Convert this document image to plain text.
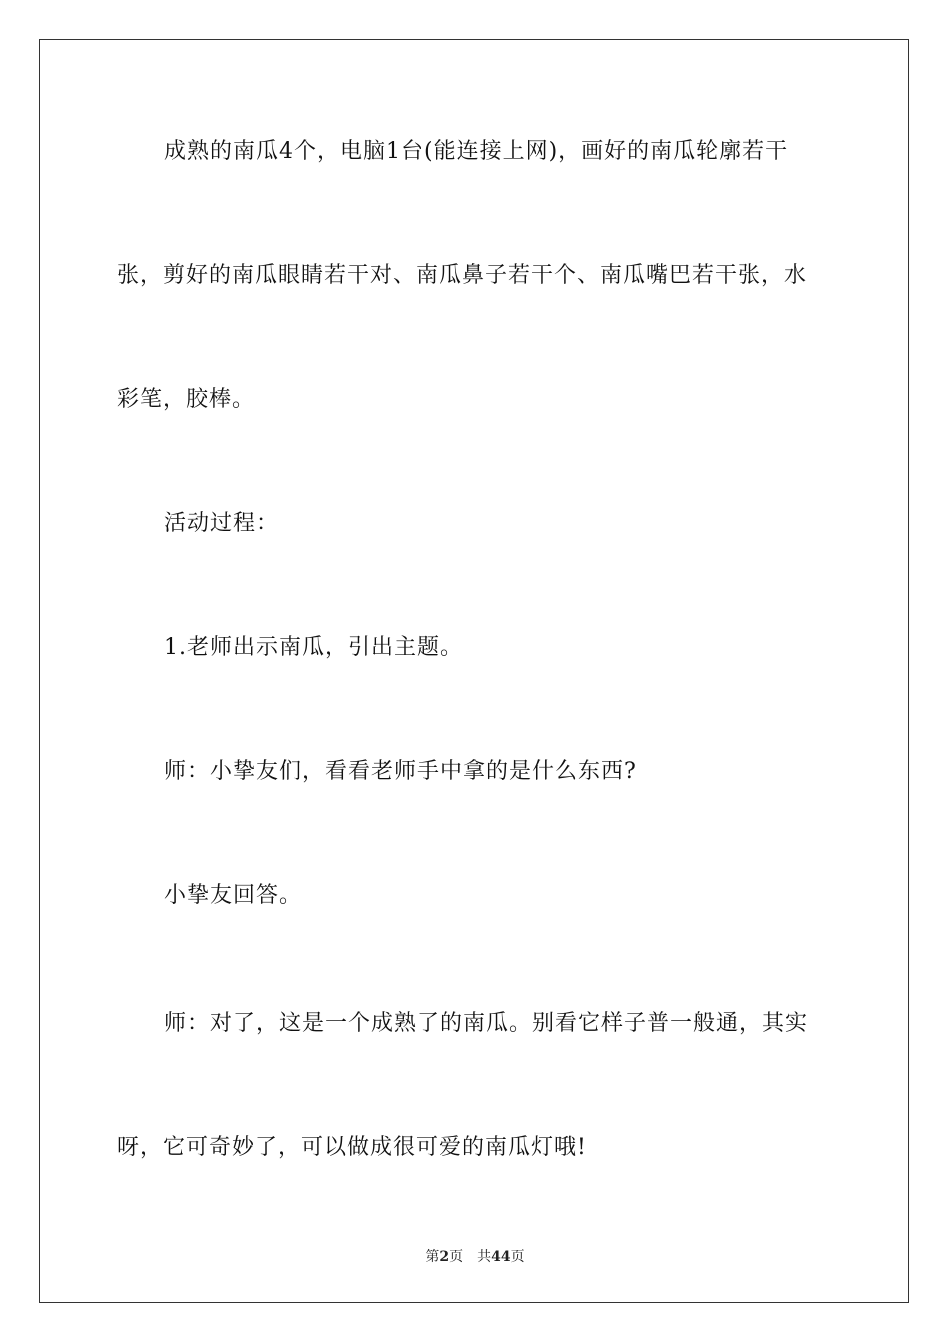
成熟的南瓜4个，电脑1台(能连接上网)，画好的南瓜轮廓若干
张，剪好的南瓜眼睛若干对、南瓜鼻子若干个、南瓜嘴巴若干张，水
彩笔，胶棒。
活动过程：
1.老师出示南瓜，引出主题。
师：小挚友们，看看老师手中拿的是什么东西?
小挚友回答。
师：对了，这是一个成熟了的南瓜。别看它样子普一般通，其实
呀，它可奇妙了，可以做成很可爱的南瓜灯哦!
第2页 共44页
